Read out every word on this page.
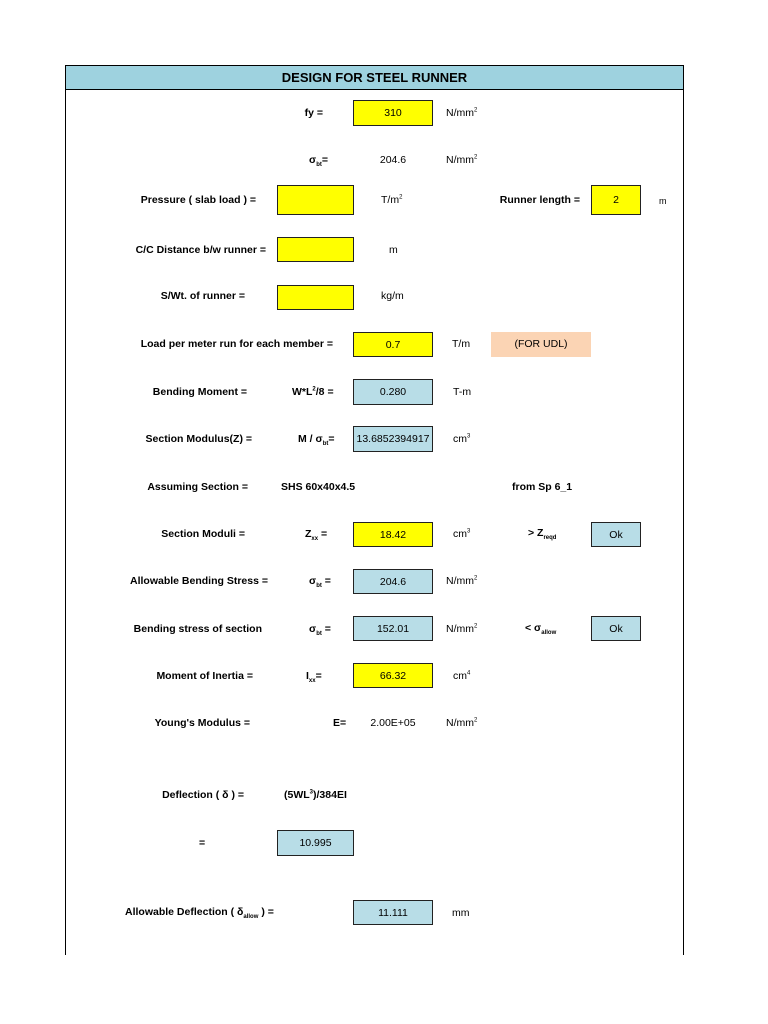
DESIGN FOR STEEL RUNNER
fy =	310	$N/mm^2$
$\sigma_{bt}=$	204.6	$N/mm^2$
Pressure ( slab load ) =	$T/m^2$	Runner length =	2	m
C/C Distance b/w runner =	m
S/Wt. of runner =	kg/m
Load per meter run for each member =	0.7	T/m	(FOR UDL)
Bending Moment =	$W*L^2/8$ =	0.280	T-m
Section Modulus(Z) =	$M / \sigma_{bt}=$	13.6852394917	$cm^3$
Assuming Section =	SHS 60x40x4.5	from Sp 6_1
Section Moduli =	$Z_{xx}$ =	18.42	$cm^3$	> $Z_{reqd}$	Ok
Allowable Bending Stress =	$\sigma_{bt}$ =	204.6	$N/mm^2$
Bending stress of section	$\sigma_{bt}$ =	152.01	$N/mm^2$	< $\sigma_{allow}$	Ok
Moment of Inertia =	$I_{xx}=$	66.32	$cm^4$
Young's Modulus =	E=	2.00E+05	$N/mm^2$
Deflection ( δ ) =	$(5WL^3)/384EI$
=	10.995
Allowable Deflection ( $\delta_{allow}$ ) =	11.111	mm
